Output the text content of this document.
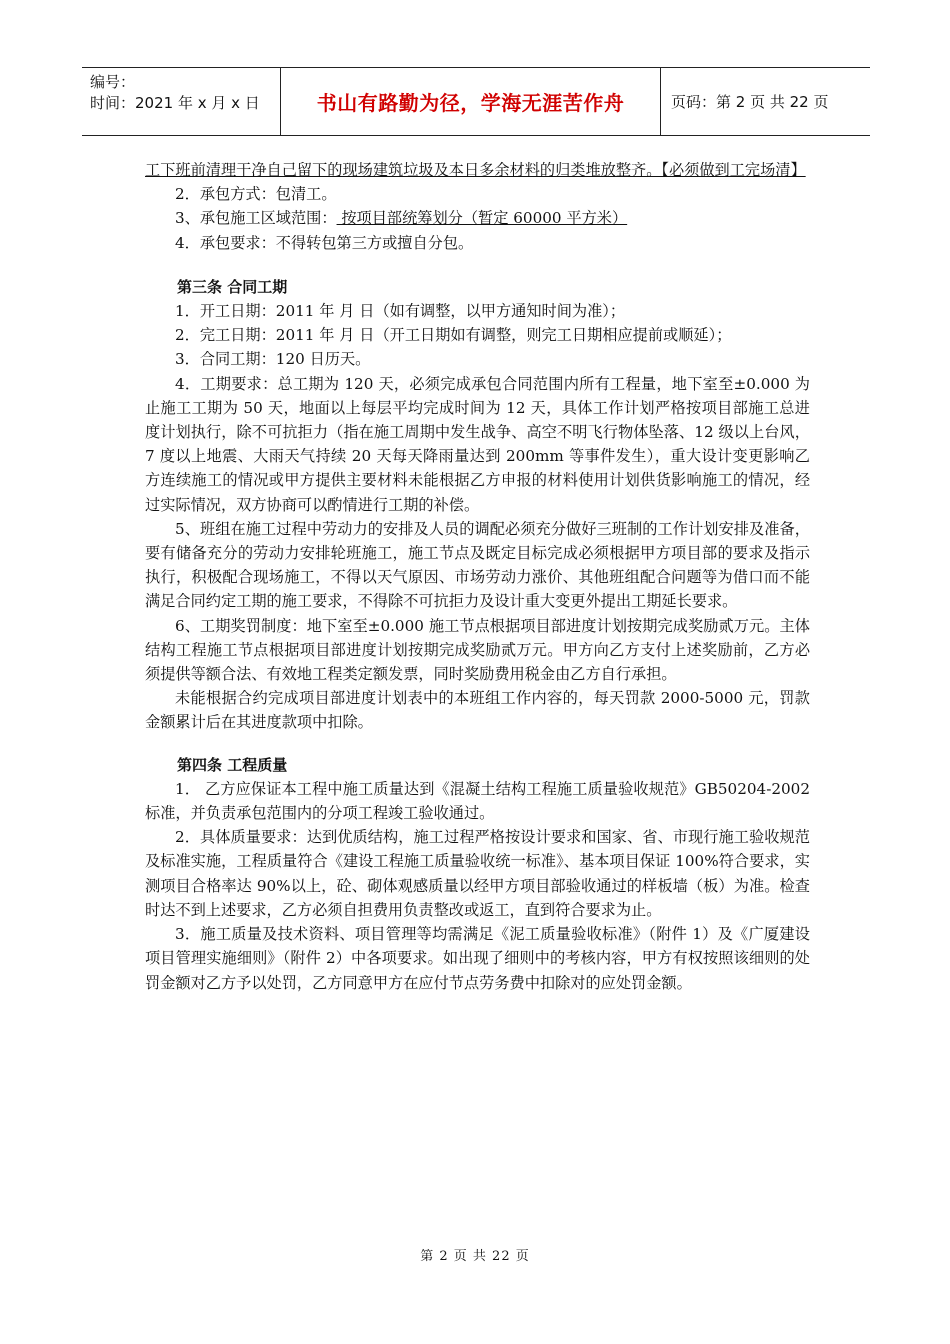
编号：
时间：2021 年 x 月 x 日	书山有路勤为径，学海无涯苦作舟	页码：第 2 页 共 22 页

工下班前清理干净自己留下的现场建筑垃圾及本日多余材料的归类堆放整齐。【必须做到工完场清】

2．承包方式：包清工。

3、承包施工区域范围： 按项目部统筹划分（暂定 60000 平方米）

4．承包要求：不得转包第三方或擅自分包。

第三条 合同工期

1．开工日期：2011 年 月 日（如有调整，以甲方通知时间为准）；

2．完工日期：2011 年 月 日（开工日期如有调整，则完工日期相应提前或顺延）；

3．合同工期：120 日历天。

4．工期要求：总工期为 120 天，必须完成承包合同范围内所有工程量，地下室至±0.000 为止施工工期为 50 天，地面以上每层平均完成时间为 12 天，具体工作计划严格按项目部施工总进度计划执行，除不可抗拒力（指在施工周期中发生战争、高空不明飞行物体坠落、12 级以上台风，7 度以上地震、大雨天气持续 20 天每天降雨量达到 200mm 等事件发生），重大设计变更影响乙方连续施工的情况或甲方提供主要材料未能根据乙方申报的材料使用计划供货影响施工的情况，经过实际情况，双方协商可以酌情进行工期的补偿。

5、班组在施工过程中劳动力的安排及人员的调配必须充分做好三班制的工作计划安排及准备，要有储备充分的劳动力安排轮班施工，施工节点及既定目标完成必须根据甲方项目部的要求及指示执行，积极配合现场施工，不得以天气原因、市场劳动力涨价、其他班组配合问题等为借口而不能满足合同约定工期的施工要求，不得除不可抗拒力及设计重大变更外提出工期延长要求。

6、工期奖罚制度：地下室至±0.000 施工节点根据项目部进度计划按期完成奖励贰万元。主体结构工程施工节点根据项目部进度计划按期完成奖励贰万元。甲方向乙方支付上述奖励前，乙方必须提供等额合法、有效地工程类定额发票，同时奖励费用税金由乙方自行承担。

未能根据合约完成项目部进度计划表中的本班组工作内容的，每天罚款 2000-5000 元，罚款金额累计后在其进度款项中扣除。

第四条 工程质量

1． 乙方应保证本工程中施工质量达到《混凝土结构工程施工质量验收规范》GB50204-2002 标准，并负责承包范围内的分项工程竣工验收通过。

2．具体质量要求：达到优质结构，施工过程严格按设计要求和国家、省、市现行施工验收规范及标准实施，工程质量符合《建设工程施工质量验收统一标准》、基本项目保证 100%符合要求，实测项目合格率达 90%以上，砼、砌体观感质量以经甲方项目部验收通过的样板墙（板）为准。检查时达不到上述要求，乙方必须自担费用负责整改或返工，直到符合要求为止。

3．施工质量及技术资料、项目管理等均需满足《泥工质量验收标准》（附件 1）及《广厦建设项目管理实施细则》（附件 2）中各项要求。如出现了细则中的考核内容，甲方有权按照该细则的处罚金额对乙方予以处罚，乙方同意甲方在应付节点劳务费中扣除对的应处罚金额。

第 2 页 共 22 页
